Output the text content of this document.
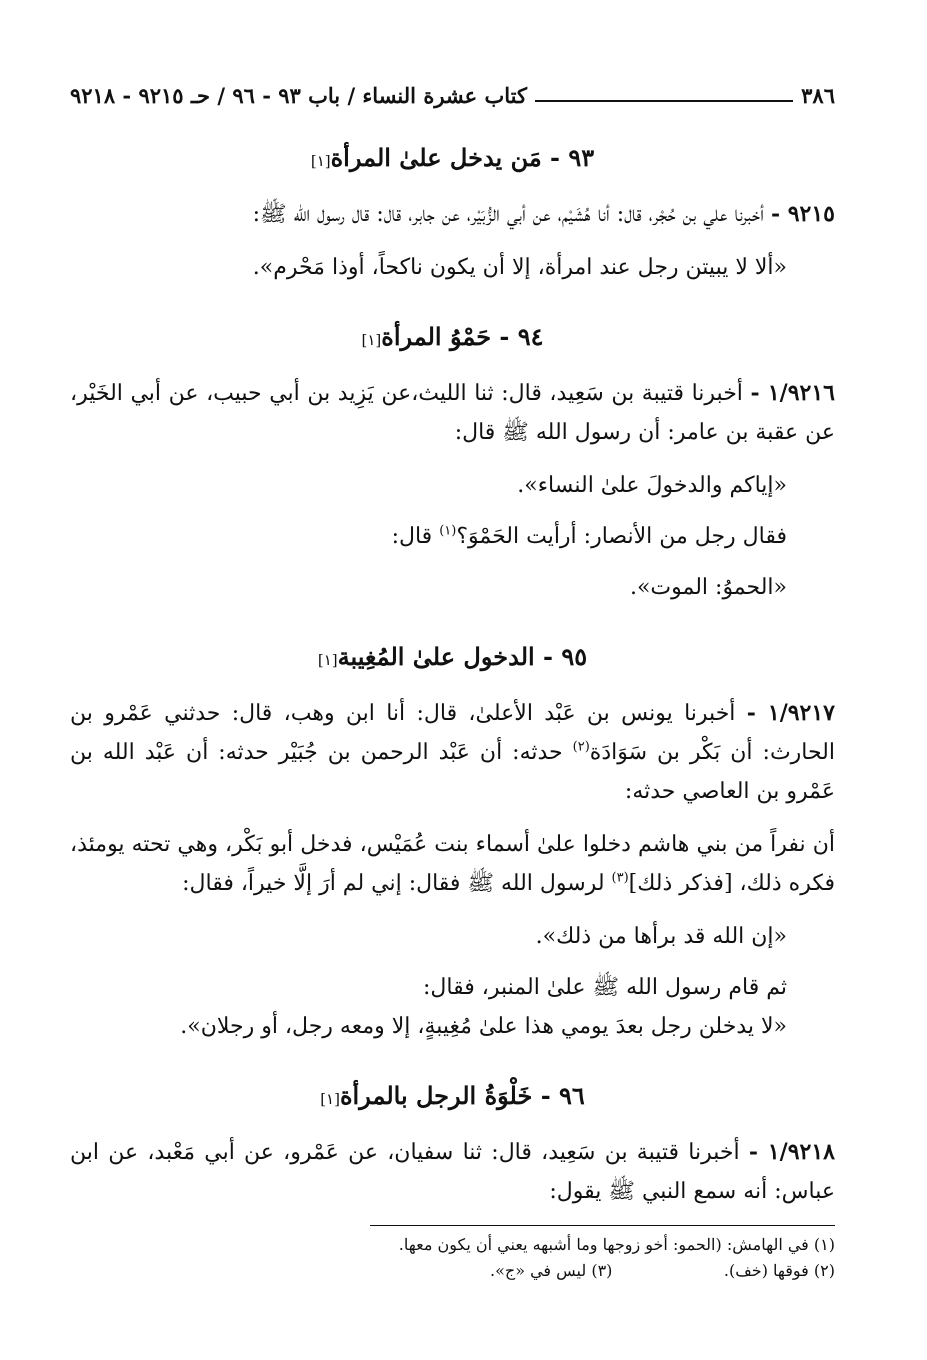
٣٨٦
كتاب عشرة النساء / باب ٩٣ - ٩٦ / حـ ٩٢١٥ - ٩٢١٨
٩٣ - مَن يدخل علىٰ المرأة[١]

٩٢١٥ - أخبرنا علي بن حُجْر، قال: أنا هُشَيْم، عن أبي الزُّبَيْر، عن جابر، قال: قال رسول الله ﷺ:

«ألا لا يبيتن رجل عند امرأة، إلا أن يكون ناكحاً، أوذا مَحْرم».

٩٤ - حَمْوُ المرأة[١]

١/٩٢١٦ - أخبرنا قتيبة بن سَعِيد، قال: ثنا الليث،عن يَزِيد بن أبي حبيب، عن أبي الخَيْر، عن عقبة بن عامر: أن رسول الله ﷺ قال:

«إياكم والدخولَ علىٰ النساء».

فقال رجل من الأنصار: أرأيت الحَمْوَ؟$^{(١)}$ قال:

«الحموُ: الموت».

٩٥ - الدخول علىٰ المُغِيبة[١]

١/٩٢١٧ - أخبرنا يونس بن عَبْد الأعلىٰ، قال: أنا ابن وهب، قال: حدثني عَمْرو بن الحارث: أن بَكْر بن سَوَادَة$^{(٢)}$ حدثه: أن عَبْد الرحمن بن جُبَيْر حدثه: أن عَبْد الله بن عَمْرو بن العاصي حدثه:

أن نفراً من بني هاشم دخلوا علىٰ أسماء بنت عُمَيْس، فدخل أبو بَكْر، وهي تحته يومئذ، فكره ذلك، [فذكر ذلك]$^{(٣)}$ لرسول الله ﷺ فقال: إني لم أرَ إلَّا خيراً، فقال:

«إن الله قد برأها من ذلك».

ثم قام رسول الله ﷺ علىٰ المنبر، فقال:

«لا يدخلن رجل بعدَ يومي هذا علىٰ مُغِيبةٍ، إلا ومعه رجل، أو رجلان».

٩٦ - خَلْوَةُ الرجل بالمرأة[١]

١/٩٢١٨ - أخبرنا قتيبة بن سَعِيد، قال: ثنا سفيان، عن عَمْرو، عن أبي مَعْبد، عن ابن عباس: أنه سمع النبي ﷺ يقول:

(١) في الهامش: (الحمو: أخو زوجها وما أشبهه يعني أن يكون معها.

(٢) فوقها (خف).
(٣) ليس في «ج».
